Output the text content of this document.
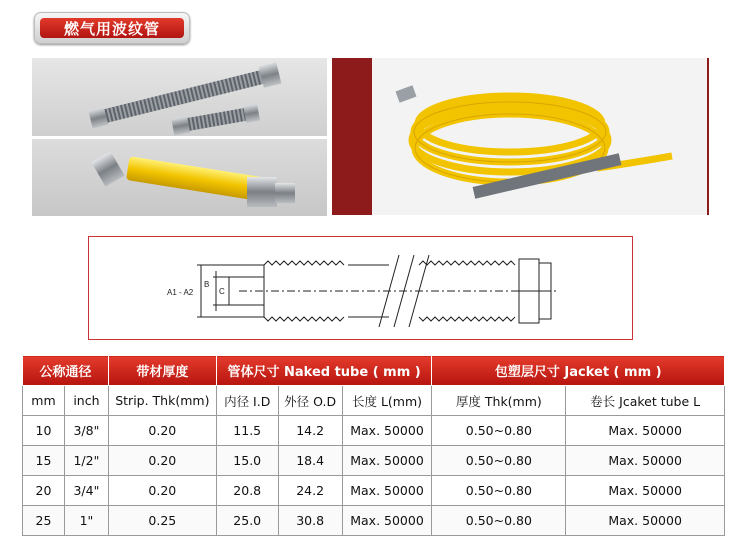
燃气用波纹管
A1 - A2
B
C
公称通径		带材厚度	管体尺寸 Naked tube ( mm )			包塑层尺寸 Jacket ( mm )	
mm	inch	Strip. Thk(mm)	内径 I.D	外径 O.D	长度 L(mm)	厚度 Thk(mm)	卷长 Jcaket tube L
10	3/8"	0.20	11.5	14.2	Max. 50000	0.50~0.80	Max. 50000
15	1/2"	0.20	15.0	18.4	Max. 50000	0.50~0.80	Max. 50000
20	3/4"	0.20	20.8	24.2	Max. 50000	0.50~0.80	Max. 50000
25	1"	0.25	25.0	30.8	Max. 50000	0.50~0.80	Max. 50000
